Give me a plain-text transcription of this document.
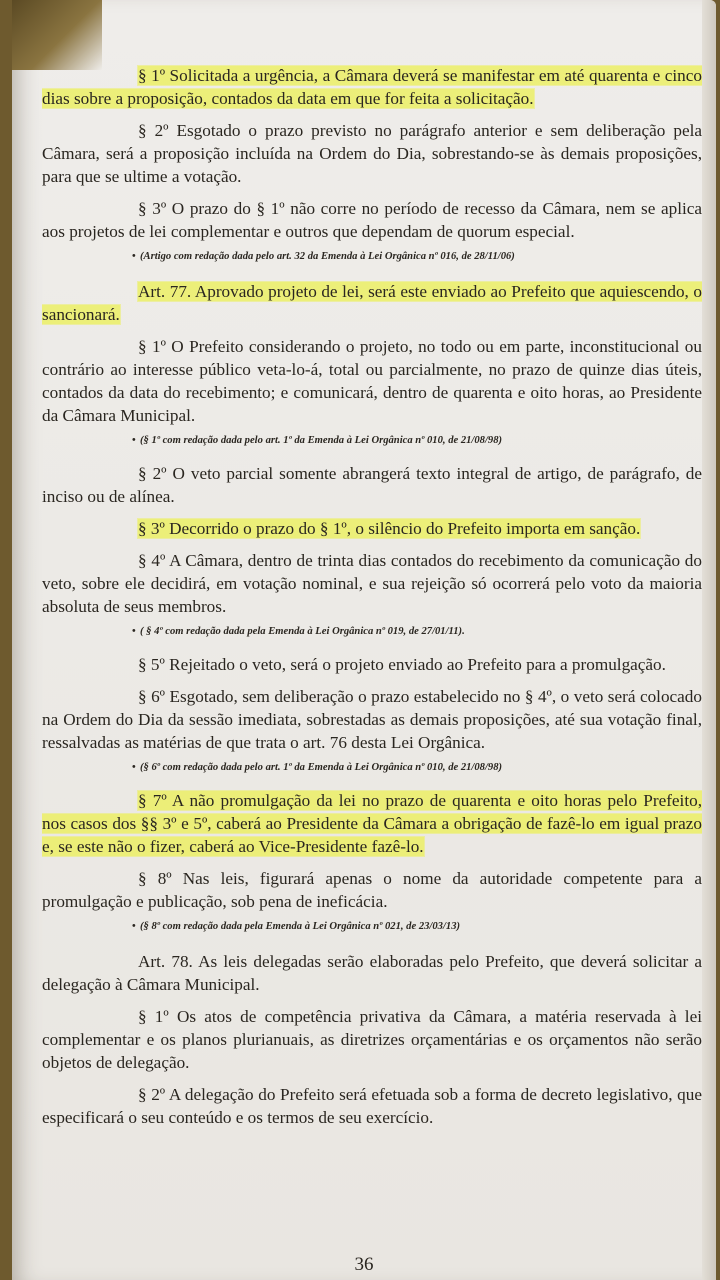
§ 1º Solicitada a urgência, a Câmara deverá se manifestar em até quarenta e cinco dias sobre a proposição, contados da data em que for feita a solicitação.

§ 2º Esgotado o prazo previsto no parágrafo anterior e sem deliberação pela Câmara, será a proposição incluída na Ordem do Dia, sobrestando-se às demais proposições, para que se ultime a votação.

§ 3º O prazo do § 1º não corre no período de recesso da Câmara, nem se aplica aos projetos de lei complementar e outros que dependam de quorum especial.

• (Artigo com redação dada pelo art. 32 da Emenda à Lei Orgânica nº 016, de 28/11/06)

Art. 77. Aprovado projeto de lei, será este enviado ao Prefeito que aquiescendo, o sancionará.

§ 1º O Prefeito considerando o projeto, no todo ou em parte, inconstitucional ou contrário ao interesse público veta-lo-á, total ou parcialmente, no prazo de quinze dias úteis, contados da data do recebimento; e comunicará, dentro de quarenta e oito horas, ao Presidente da Câmara Municipal.

• (§ 1º com redação dada pelo art. 1º da Emenda à Lei Orgânica nº 010, de 21/08/98)

§ 2º O veto parcial somente abrangerá texto integral de artigo, de parágrafo, de inciso ou de alínea.

§ 3º Decorrido o prazo do § 1º, o silêncio do Prefeito importa em sanção.

§ 4º A Câmara, dentro de trinta dias contados do recebimento da comunicação do veto, sobre ele decidirá, em votação nominal, e sua rejeição só ocorrerá pelo voto da maioria absoluta de seus membros.

• ( § 4º com redação dada pela Emenda à Lei Orgânica nº 019, de 27/01/11).

§ 5º Rejeitado o veto, será o projeto enviado ao Prefeito para a promulgação.

§ 6º Esgotado, sem deliberação o prazo estabelecido no § 4º, o veto será colocado na Ordem do Dia da sessão imediata, sobrestadas as demais proposições, até sua votação final, ressalvadas as matérias de que trata o art. 76 desta Lei Orgânica.

• (§ 6º com redação dada pelo art. 1º da Emenda à Lei Orgânica nº 010, de 21/08/98)

§ 7º A não promulgação da lei no prazo de quarenta e oito horas pelo Prefeito, nos casos dos §§ 3º e 5º, caberá ao Presidente da Câmara a obrigação de fazê-lo em igual prazo e, se este não o fizer, caberá ao Vice-Presidente fazê-lo.

§ 8º Nas leis, figurará apenas o nome da autoridade competente para a promulgação e publicação, sob pena de ineficácia.

• (§ 8º com redação dada pela Emenda à Lei Orgânica nº 021, de 23/03/13)

Art. 78. As leis delegadas serão elaboradas pelo Prefeito, que deverá solicitar a delegação à Câmara Municipal.

§ 1º Os atos de competência privativa da Câmara, a matéria reservada à lei complementar e os planos plurianuais, as diretrizes orçamentárias e os orçamentos não serão objetos de delegação.

§ 2º A delegação do Prefeito será efetuada sob a forma de decreto legislativo, que especificará o seu conteúdo e os termos de seu exercício.

36
